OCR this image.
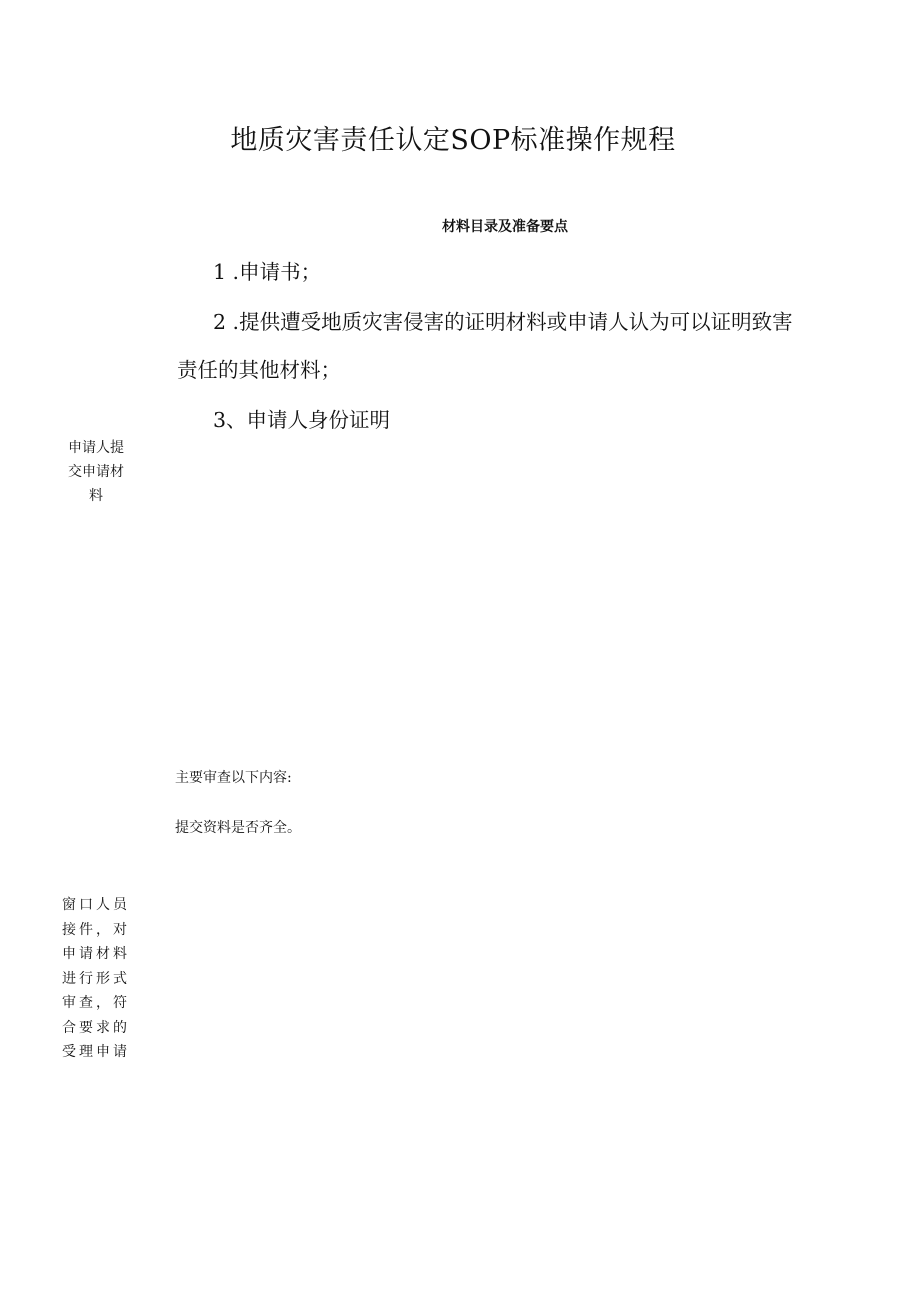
地质灾害责任认定SOP标准操作规程
材料目录及准备要点
1 .申请书；
2 .提供遭受地质灾害侵害的证明材料或申请人认为可以证明致害
责任的其他材料；
3、申请人身份证明
申请人提
交申请材
料
主要审查以下内容:
提交资料是否齐全。
窗口人员
接件，对
申请材料
进行形式
审查，符
合要求的
受理申请
